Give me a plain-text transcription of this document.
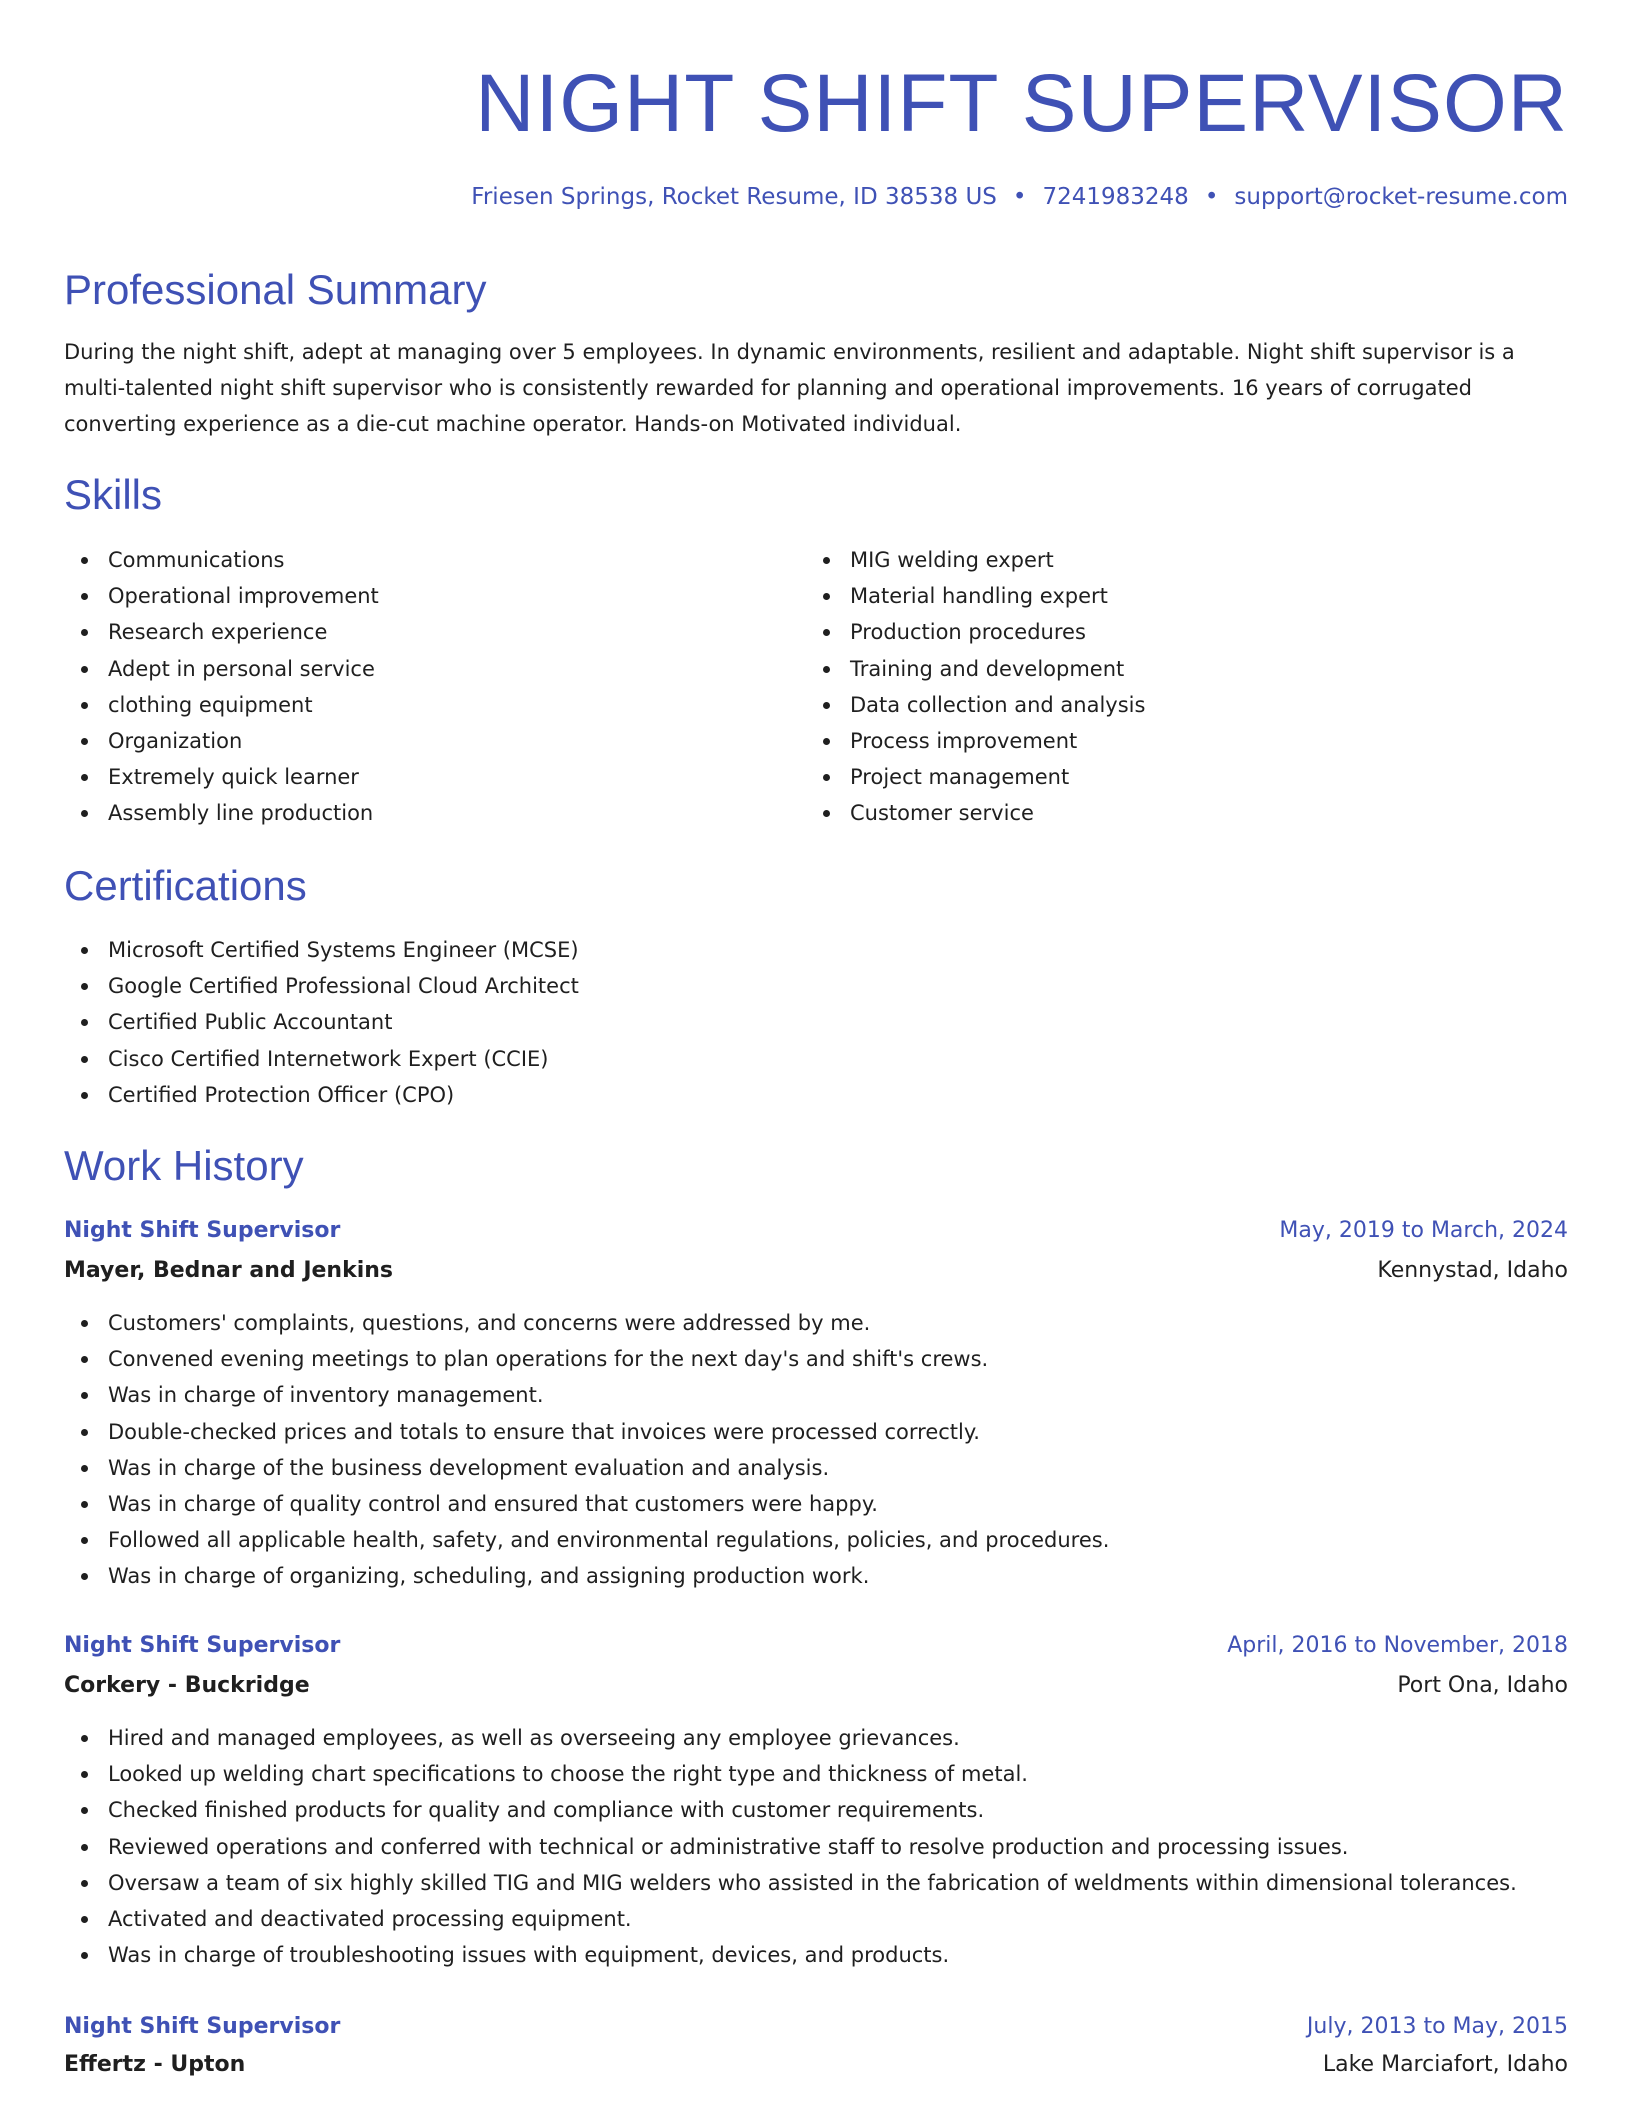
NIGHT SHIFT SUPERVISOR
Friesen Springs, Rocket Resume, ID 38538 US • 7241983248 • support@rocket-resume.com
Professional Summary

During the night shift, adept at managing over 5 employees. In dynamic environments, resilient and adaptable. Night shift supervisor is a multi-talented night shift supervisor who is consistently rewarded for planning and operational improvements. 16 years of corrugated converting experience as a die-cut machine operator. Hands-on Motivated individual.

Skills
Communications
Operational improvement
Research experience
Adept in personal service
clothing equipment
Organization
Extremely quick learner
Assembly line production
MIG welding expert
Material handling expert
Production procedures
Training and development
Data collection and analysis
Process improvement
Project management
Customer service
Certifications
Microsoft Certified Systems Engineer (MCSE)
Google Certified Professional Cloud Architect
Certified Public Accountant
Cisco Certified Internetwork Expert (CCIE)
Certified Protection Officer (CPO)
Work History
Night Shift Supervisor	May, 2019 to March, 2024
Mayer, Bednar and Jenkins	Kennystad, Idaho
Customers' complaints, questions, and concerns were addressed by me.
Convened evening meetings to plan operations for the next day's and shift's crews.
Was in charge of inventory management.
Double-checked prices and totals to ensure that invoices were processed correctly.
Was in charge of the business development evaluation and analysis.
Was in charge of quality control and ensured that customers were happy.
Followed all applicable health, safety, and environmental regulations, policies, and procedures.
Was in charge of organizing, scheduling, and assigning production work.
Night Shift Supervisor	April, 2016 to November, 2018
Corkery - Buckridge	Port Ona, Idaho
Hired and managed employees, as well as overseeing any employee grievances.
Looked up welding chart specifications to choose the right type and thickness of metal.
Checked finished products for quality and compliance with customer requirements.
Reviewed operations and conferred with technical or administrative staff to resolve production and processing issues.
Oversaw a team of six highly skilled TIG and MIG welders who assisted in the fabrication of weldments within dimensional tolerances.
Activated and deactivated processing equipment.
Was in charge of troubleshooting issues with equipment, devices, and products.
Night Shift Supervisor	July, 2013 to May, 2015
Effertz - Upton	Lake Marciafort, Idaho
